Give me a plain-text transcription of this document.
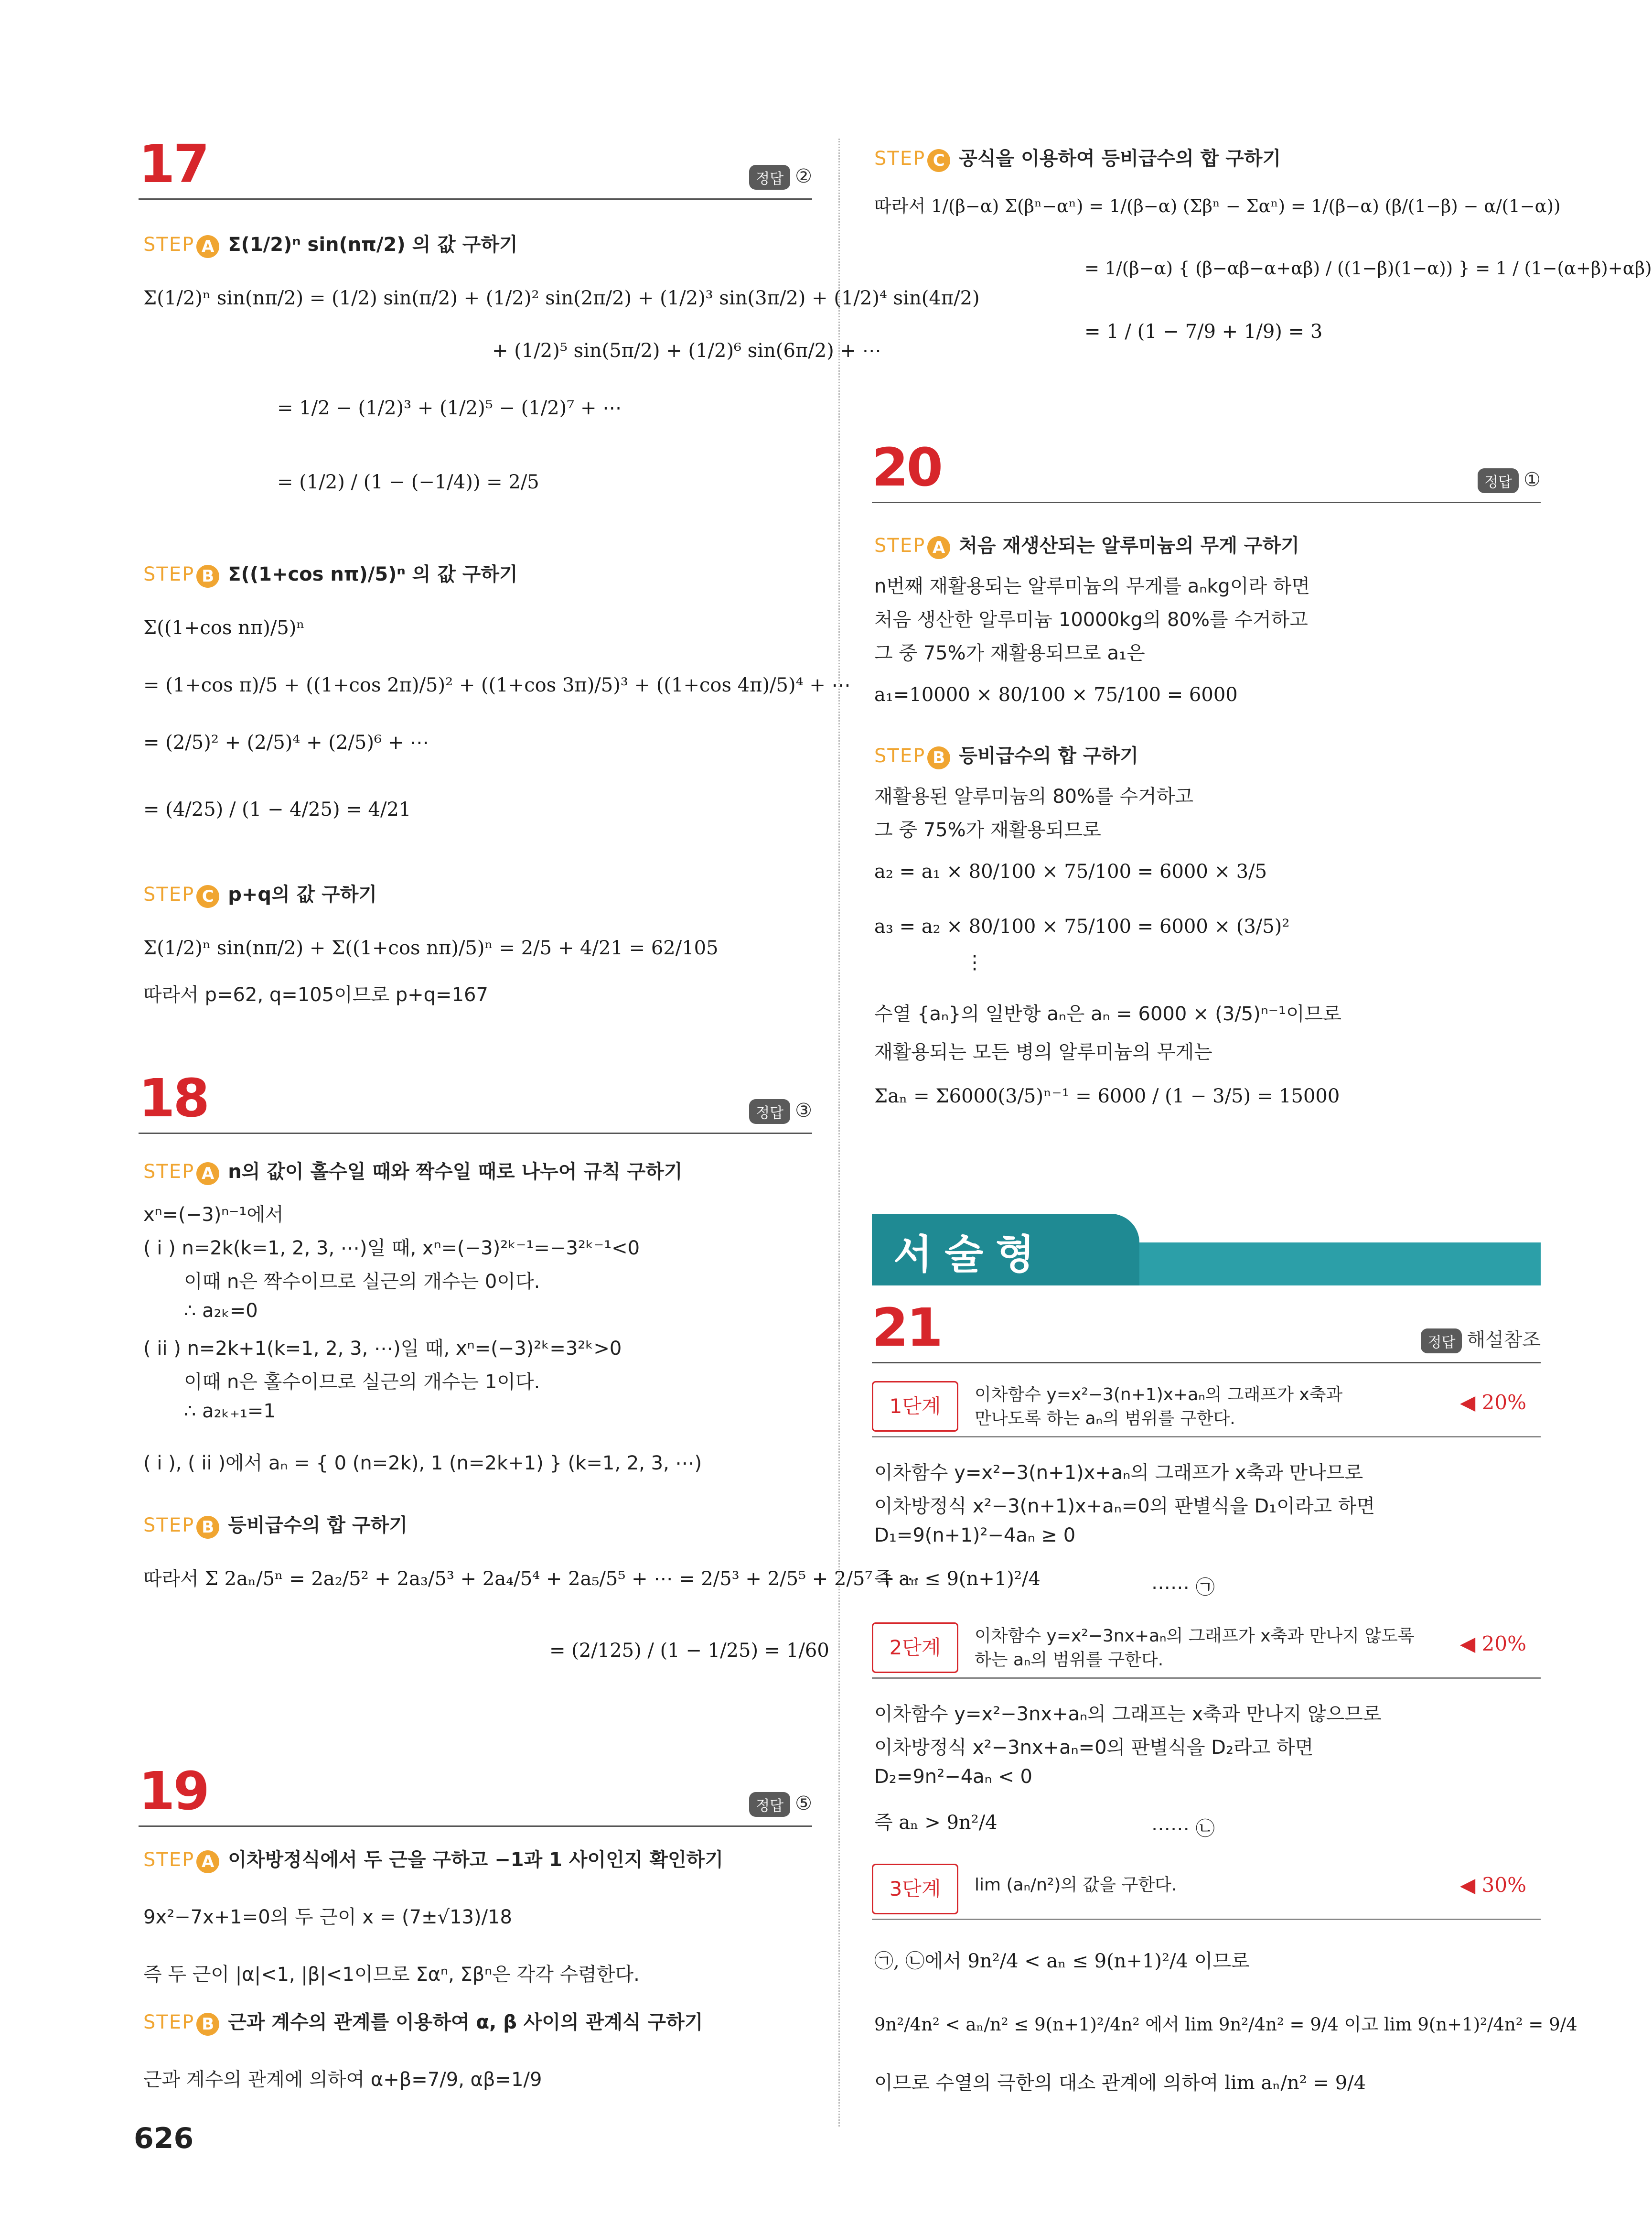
17	정답 ②
STEP A Σ(1/2)ⁿ sin(nπ/2) 의 값 구하기
Σ(1/2)ⁿ sin(nπ/2) = (1/2) sin(π/2) + (1/2)² sin(2π/2) + (1/2)³ sin(3π/2) + (1/2)⁴ sin(4π/2)
+ (1/2)⁵ sin(5π/2) + (1/2)⁶ sin(6π/2) + ⋯
= 1/2 − (1/2)³ + (1/2)⁵ − (1/2)⁷ + ⋯
= (1/2) / (1 − (−1/4)) = 2/5
STEP B Σ((1+cos nπ)/5)ⁿ 의 값 구하기
Σ((1+cos nπ)/5)ⁿ
= (1+cos π)/5 + ((1+cos 2π)/5)² + ((1+cos 3π)/5)³ + ((1+cos 4π)/5)⁴ + ⋯
= (2/5)² + (2/5)⁴ + (2/5)⁶ + ⋯
= (4/25) / (1 − 4/25) = 4/21
STEP C p+q의 값 구하기
Σ(1/2)ⁿ sin(nπ/2) + Σ((1+cos nπ)/5)ⁿ = 2/5 + 4/21 = 62/105
따라서 p=62, q=105이므로 p+q=167
18	정답 ③
STEP A n의 값이 홀수일 때와 짝수일 때로 나누어 규칙 구하기
xⁿ=(−3)ⁿ⁻¹에서
( i ) n=2k(k=1, 2, 3, ⋯)일 때, xⁿ=(−3)²ᵏ⁻¹=−3²ᵏ⁻¹<0
이때 n은 짝수이므로 실근의 개수는 0이다.
∴ a₂ₖ=0
( ii ) n=2k+1(k=1, 2, 3, ⋯)일 때, xⁿ=(−3)²ᵏ=3²ᵏ>0
이때 n은 홀수이므로 실근의 개수는 1이다.
∴ a₂ₖ₊₁=1
( i ), ( ii )에서 aₙ = { 0 (n=2k), 1 (n=2k+1) } (k=1, 2, 3, ⋯)
STEP B 등비급수의 합 구하기
따라서 Σ 2aₙ/5ⁿ = 2a₂/5² + 2a₃/5³ + 2a₄/5⁴ + 2a₅/5⁵ + ⋯ = 2/5³ + 2/5⁵ + 2/5⁷ + ⋯
= (2/125) / (1 − 1/25) = 1/60
19	정답 ⑤
STEP A 이차방정식에서 두 근을 구하고 −1과 1 사이인지 확인하기
9x²−7x+1=0의 두 근이 x = (7±√13)/18
즉 두 근이 |α|<1, |β|<1이므로 Σαⁿ, Σβⁿ은 각각 수렴한다.
STEP B 근과 계수의 관계를 이용하여 α, β 사이의 관계식 구하기
근과 계수의 관계에 의하여 α+β=7/9, αβ=1/9
626
STEP C 공식을 이용하여 등비급수의 합 구하기
따라서 1/(β−α) Σ(βⁿ−αⁿ) = 1/(β−α) (Σβⁿ − Σαⁿ) = 1/(β−α) (β/(1−β) − α/(1−α))
= 1/(β−α) { (β−αβ−α+αβ) / ((1−β)(1−α)) } = 1 / (1−(α+β)+αβ)
= 1 / (1 − 7/9 + 1/9) = 3
20	정답 ①
STEP A 처음 재생산되는 알루미늄의 무게 구하기
n번째 재활용되는 알루미늄의 무게를 aₙkg이라 하면
처음 생산한 알루미늄 10000kg의 80%를 수거하고
그 중 75%가 재활용되므로 a₁은
a₁=10000 × 80/100 × 75/100 = 6000
STEP B 등비급수의 합 구하기
재활용된 알루미늄의 80%를 수거하고
그 중 75%가 재활용되므로
a₂ = a₁ × 80/100 × 75/100 = 6000 × 3/5
a₃ = a₂ × 80/100 × 75/100 = 6000 × (3/5)²
⋮
수열 {aₙ}의 일반항 aₙ은 aₙ = 6000 × (3/5)ⁿ⁻¹이므로
재활용되는 모든 병의 알루미늄의 무게는
Σaₙ = Σ6000(3/5)ⁿ⁻¹ = 6000 / (1 − 3/5) = 15000
서술형
21	정답 해설참조
1단계	이차함수 y=x²−3(n+1)x+aₙ의 그래프가 x축과
만나도록 하는 aₙ의 범위를 구한다.
◀ 20%
이차함수 y=x²−3(n+1)x+aₙ의 그래프가 x축과 만나므로
이차방정식 x²−3(n+1)x+aₙ=0의 판별식을 D₁이라고 하면
D₁=9(n+1)²−4aₙ ≥ 0
즉 aₙ ≤ 9(n+1)²/4	⋯⋯ ㉠
2단계	이차함수 y=x²−3nx+aₙ의 그래프가 x축과 만나지 않도록
하는 aₙ의 범위를 구한다.
◀ 20%
이차함수 y=x²−3nx+aₙ의 그래프는 x축과 만나지 않으므로
이차방정식 x²−3nx+aₙ=0의 판별식을 D₂라고 하면
D₂=9n²−4aₙ < 0
즉 aₙ > 9n²/4	⋯⋯ ㉡
3단계	lim (aₙ/n²)의 값을 구한다.	◀ 30%
㉠, ㉡에서 9n²/4 < aₙ ≤ 9(n+1)²/4 이므로
9n²/4n² < aₙ/n² ≤ 9(n+1)²/4n² 에서 lim 9n²/4n² = 9/4 이고 lim 9(n+1)²/4n² = 9/4
이므로 수열의 극한의 대소 관계에 의하여 lim aₙ/n² = 9/4
